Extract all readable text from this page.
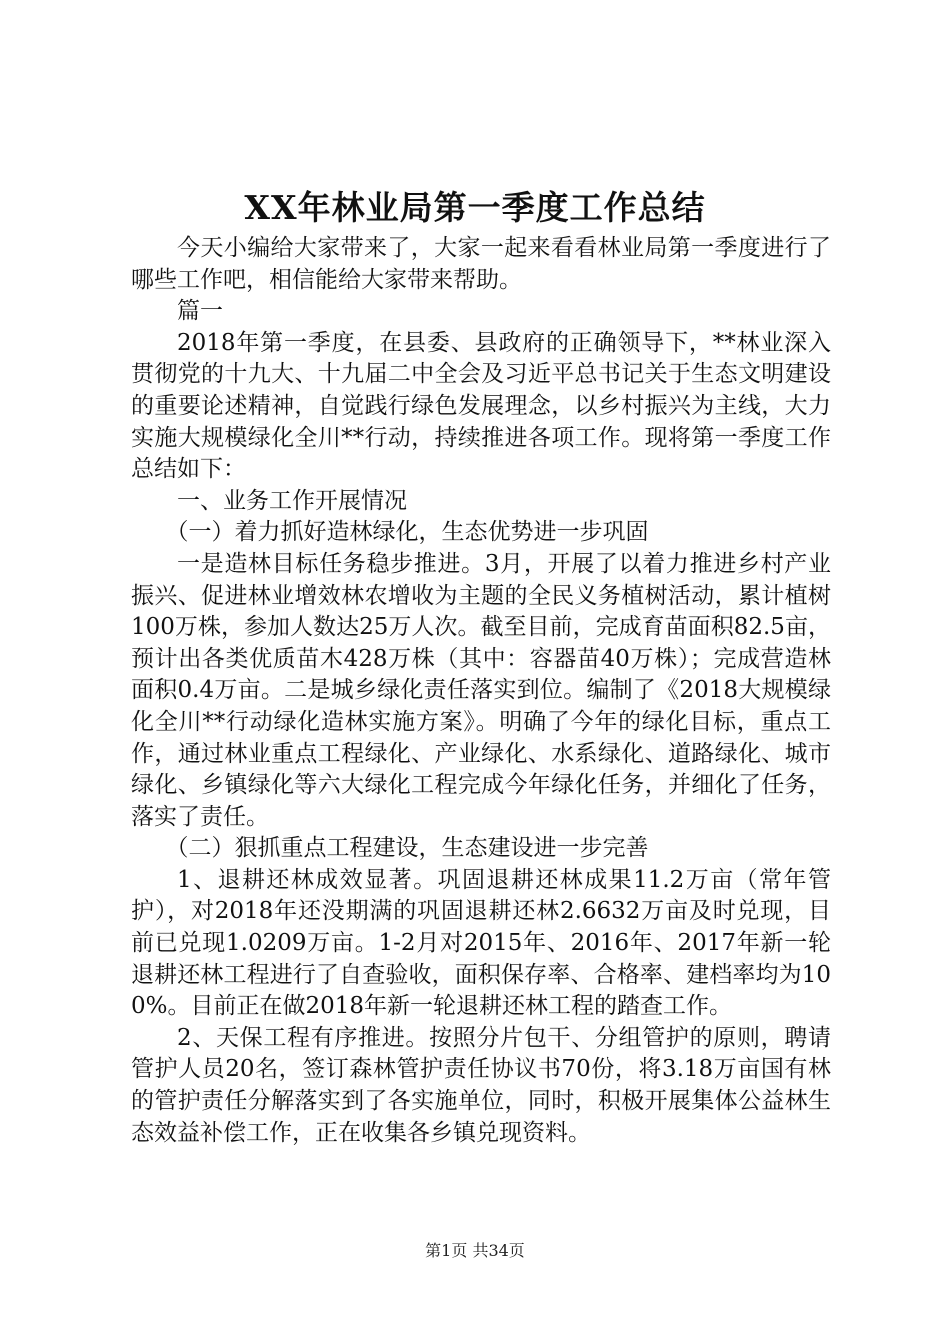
XX年林业局第一季度工作总结

今天小编给大家带来了，大家一起来看看林业局第一季度进行了哪些工作吧，相信能给大家带来帮助。

篇一

2018年第一季度，在县委、县政府的正确领导下，**林业深入贯彻党的十九大、十九届二中全会及习近平总书记关于生态文明建设的重要论述精神，自觉践行绿色发展理念，以乡村振兴为主线，大力实施大规模绿化全川**行动，持续推进各项工作。现将第一季度工作总结如下：

一、业务工作开展情况

（一）着力抓好造林绿化，生态优势进一步巩固

一是造林目标任务稳步推进。3月，开展了以着力推进乡村产业振兴、促进林业增效林农增收为主题的全民义务植树活动，累计植树100万株，参加人数达25万人次。截至目前，完成育苗面积82.5亩，预计出各类优质苗木428万株（其中：容器苗40万株）；完成营造林面积0.4万亩。二是城乡绿化责任落实到位。编制了《2018大规模绿化全川**行动绿化造林实施方案》。明确了今年的绿化目标，重点工作，通过林业重点工程绿化、产业绿化、水系绿化、道路绿化、城市绿化、乡镇绿化等六大绿化工程完成今年绿化任务，并细化了任务，落实了责任。

（二）狠抓重点工程建设，生态建设进一步完善

1、退耕还林成效显著。巩固退耕还林成果11.2万亩（常年管护），对2018年还没期满的巩固退耕还林2.6632万亩及时兑现，目前已兑现1.0209万亩。1-2月对2015年、2016年、2017年新一轮退耕还林工程进行了自查验收，面积保存率、合格率、建档率均为100%。目前正在做2018年新一轮退耕还林工程的踏查工作。

2、天保工程有序推进。按照分片包干、分组管护的原则，聘请管护人员20名，签订森林管护责任协议书70份，将3.18万亩国有林的管护责任分解落实到了各实施单位，同时，积极开展集体公益林生态效益补偿工作，正在收集各乡镇兑现资料。

第1页 共34页
